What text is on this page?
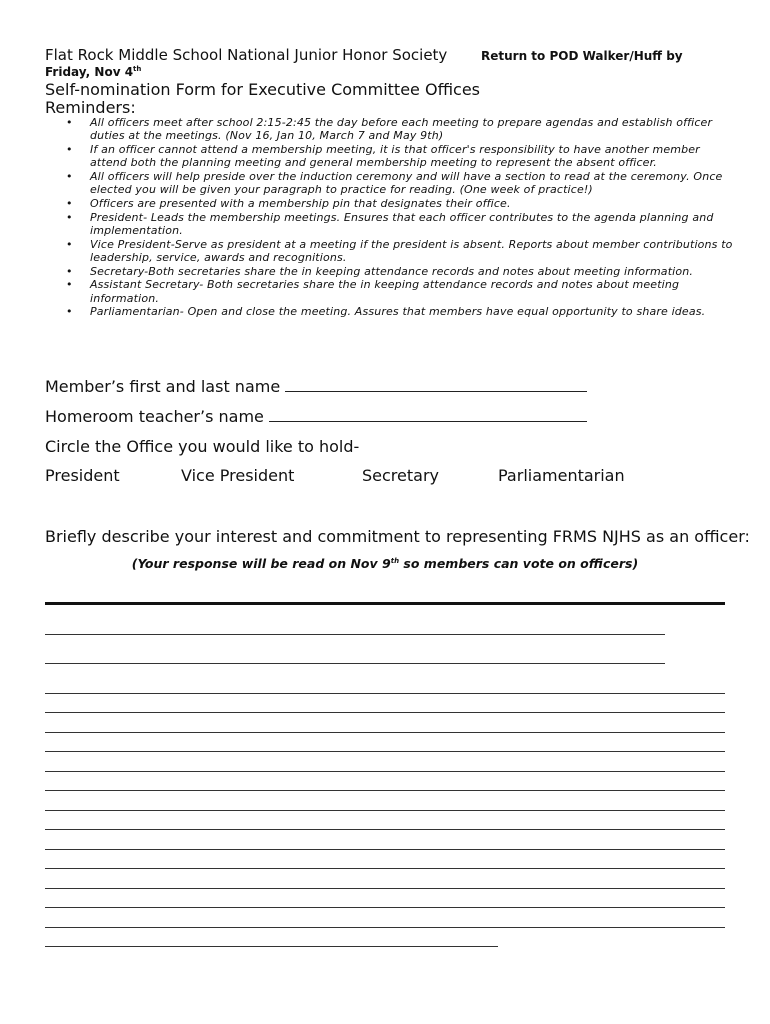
Flat Rock Middle School National Junior Honor Society	Return to POD Walker/Huff by
Friday, Nov 4th
Self-nomination Form for Executive Committee Offices
Reminders:
• All officers meet after school 2:15-2:45 the day before each meeting to prepare agendas and establish officer duties at the meetings. (Nov 16, Jan 10, March 7 and May 9th)
• If an officer cannot attend a membership meeting, it is that officer's responsibility to have another member attend both the planning meeting and general membership meeting to represent the absent officer.
• All officers will help preside over the induction ceremony and will have a section to read at the ceremony. Once elected you will be given your paragraph to practice for reading. (One week of practice!)
• Officers are presented with a membership pin that designates their office.
• President- Leads the membership meetings. Ensures that each officer contributes to the agenda planning and implementation.
• Vice President-Serve as president at a meeting if the president is absent. Reports about member contributions to leadership, service, awards and recognitions.
• Secretary-Both secretaries share the in keeping attendance records and notes about meeting information.
• Assistant Secretary- Both secretaries share the in keeping attendance records and notes about meeting information.
• Parliamentarian- Open and close the meeting. Assures that members have equal opportunity to share ideas.
Member’s first and last name
Homeroom teacher’s name
Circle the Office you would like to hold-
President	Vice President	Secretary	Parliamentarian
Briefly describe your interest and commitment to representing FRMS NJHS as an officer:
(Your response will be read on Nov 9th so members can vote on officers)
